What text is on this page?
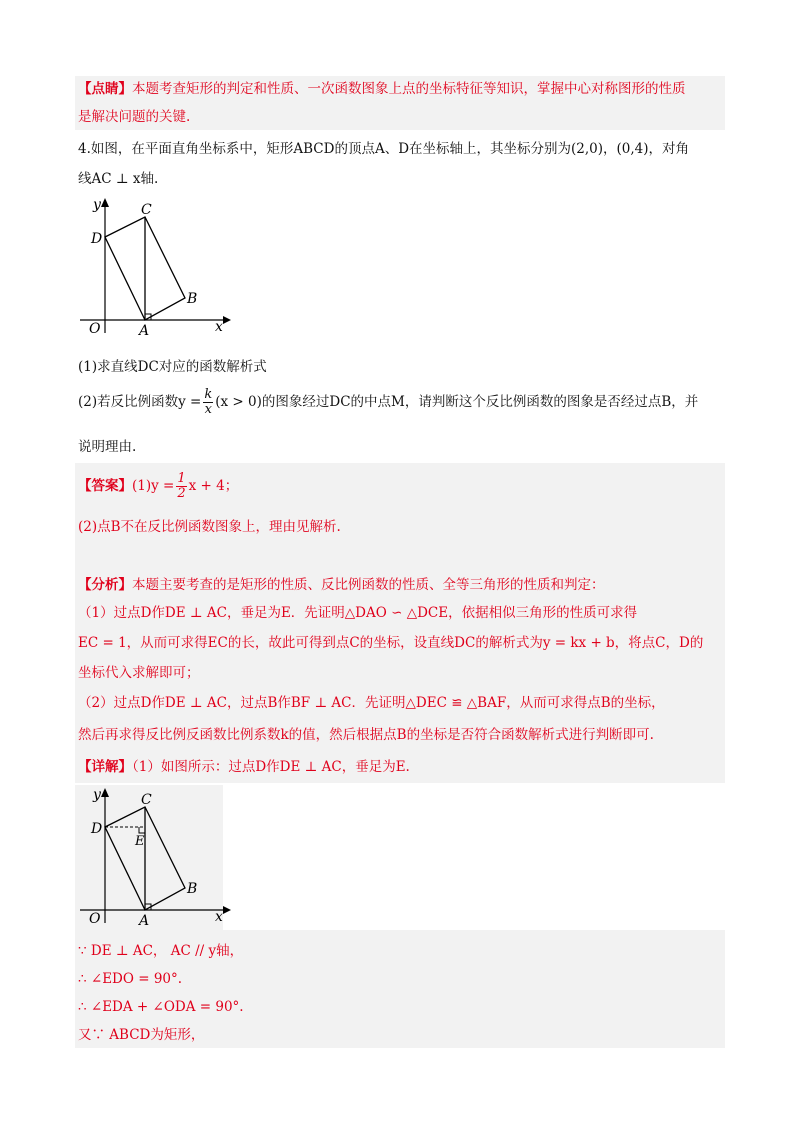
【点睛】本题考查矩形的判定和性质、一次函数图象上点的坐标特征等知识，掌握中心对称图形的性质
是解决问题的关键.
4.如图，在平面直角坐标系中，矩形ABCD的顶点A、D在坐标轴上，其坐标分别为(2,0)，(0,4)，对角
线AC ⊥ x轴.
y
x
O	A
B
C
D
(1)求直线DC对应的函数解析式
(2)若反比例函数$y = \frac{k}{x} (x > 0)$的图象经过DC的中点M，请判断这个反比例函数的图象是否经过点B，并
说明理由.
【答案】$(1)y = \frac{1}{2}$ x + 4；
(2)点B不在反比例函数图象上，理由见解析.
【分析】本题主要考查的是矩形的性质、反比例函数的性质、全等三角形的性质和判定：
（1）过点D作DE ⊥ AC，垂足为E．先证明△DAO ∽ △DCE，依据相似三角形的性质可求得
EC = 1，从而可求得EC的长，故此可得到点C的坐标，设直线DC的解析式为y = kx + b，将点C，D的
坐标代入求解即可；
（2）过点D作DE ⊥ AC，过点B作BF ⊥ AC．先证明△DEC ≌ △BAF，从而可求得点B的坐标，
然后再求得反比例反函数比例系数k的值，然后根据点B的坐标是否符合函数解析式进行判断即可.
【详解】（1）如图所示：过点D作DE ⊥ AC，垂足为E.
y
x
O	A
B
C
D
E
∵ DE ⊥ AC， AC // y轴，
∴ ∠EDO = 90°.
∴ ∠EDA + ∠ODA = 90°.
又∵ ABCD为矩形，
